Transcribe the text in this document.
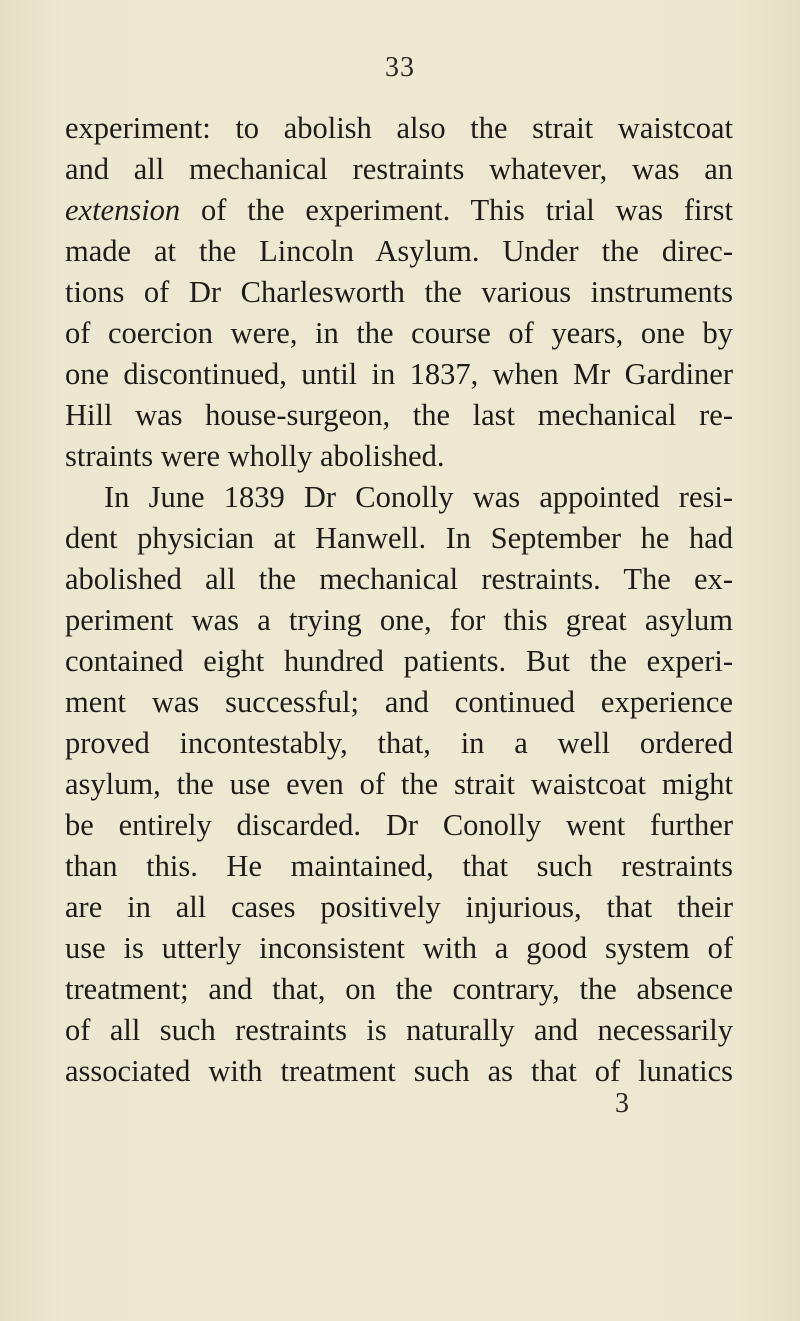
33
experiment: to abolish also the strait waistcoat
and all mechanical restraints whatever, was an
extension of the experiment. This trial was first
made at the Lincoln Asylum. Under the direc-
tions of Dr Charlesworth the various instruments
of coercion were, in the course of years, one by
one discontinued, until in 1837, when Mr Gardiner
Hill was house-surgeon, the last mechanical re-
straints were wholly abolished.
In June 1839 Dr Conolly was appointed resi-
dent physician at Hanwell. In September he had
abolished all the mechanical restraints. The ex-
periment was a trying one, for this great asylum
contained eight hundred patients. But the experi-
ment was successful; and continued experience
proved incontestably, that, in a well ordered
asylum, the use even of the strait waistcoat might
be entirely discarded. Dr Conolly went further
than this. He maintained, that such restraints
are in all cases positively injurious, that their
use is utterly inconsistent with a good system of
treatment; and that, on the contrary, the absence
of all such restraints is naturally and necessarily
associated with treatment such as that of lunatics
3
